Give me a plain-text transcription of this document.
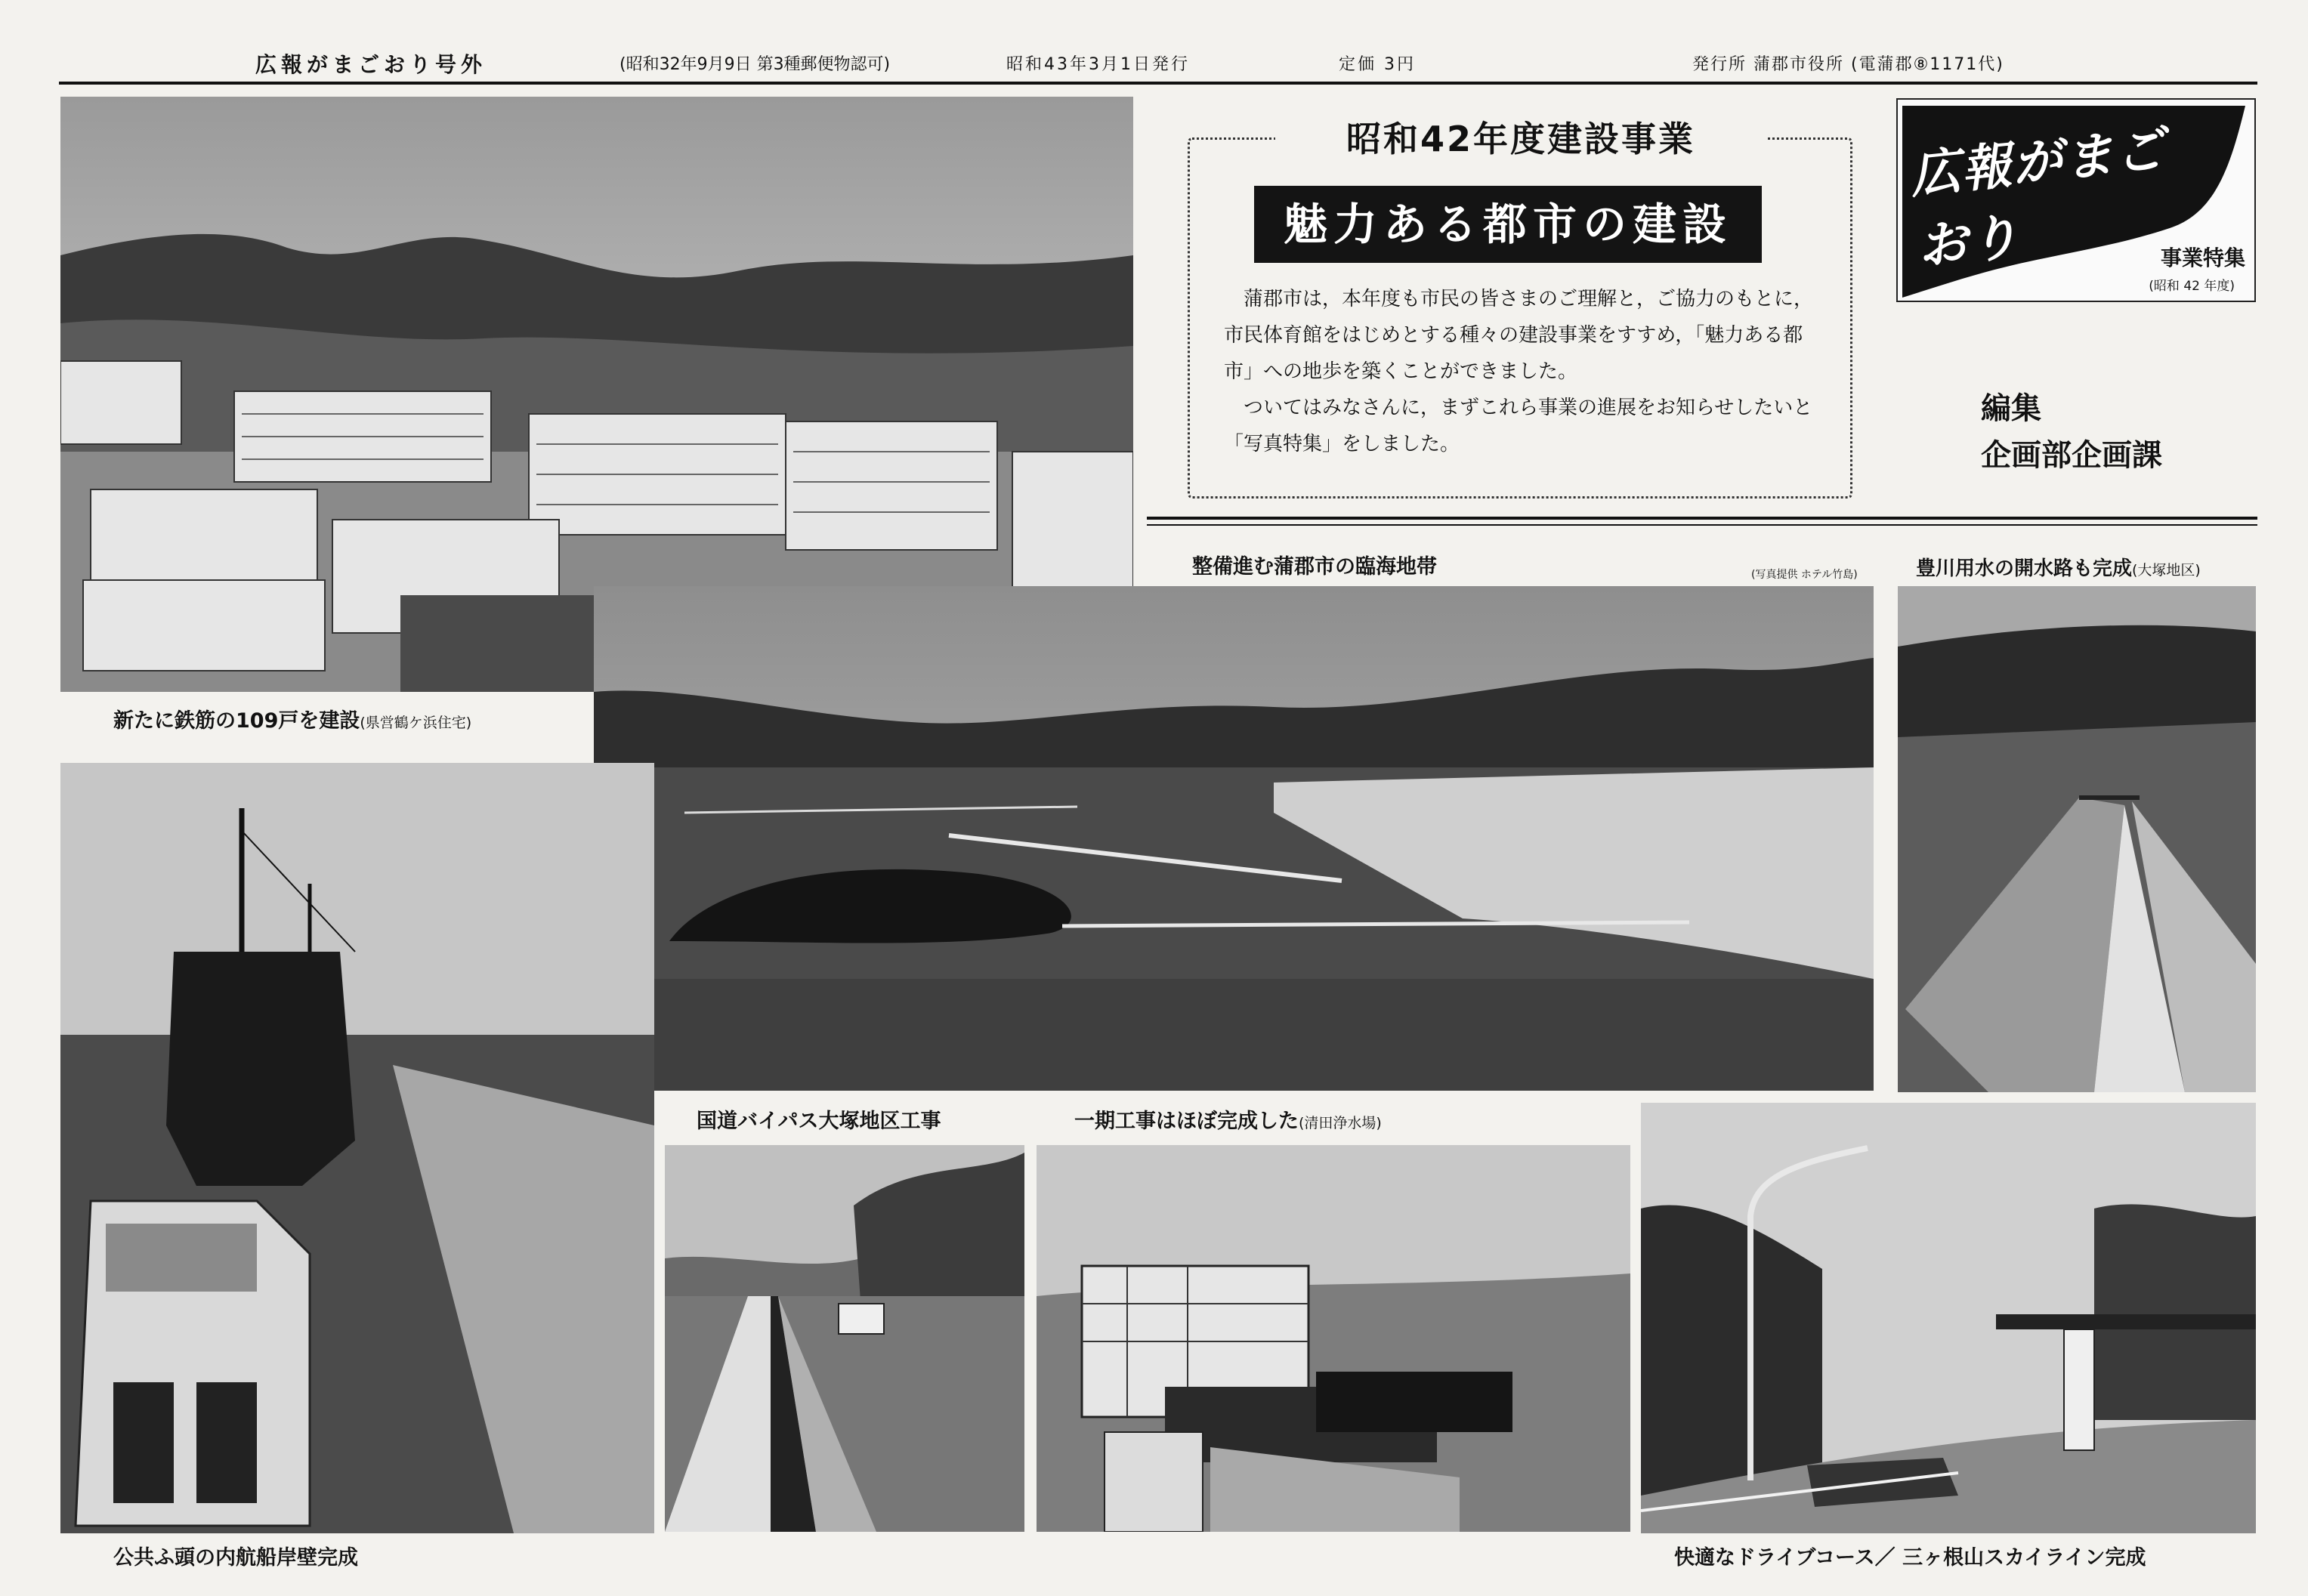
広報がまごおり号外	(昭和32年9月9日 第3種郵便物認可)	昭和43年3月1日発行	定価 3円	発行所 蒲郡市役所 (電蒲郡⑧1171代)
新たに鉄筋の109戸を建設(県営鶴ケ浜住宅)
昭和42年度建設事業
魅力ある都市の建設

蒲郡市は，本年度も市民の皆さまのご理解と，ご協力のもとに，市民体育館をはじめとする種々の建設事業をすすめ，「魅力ある都市」への地歩を築くことができました。

ついてはみなさんに，まずこれら事業の進展をお知らせしたいと「写真特集」をしました。

広報がまごおり	事業特集
(昭和 42 年度)
編集
企画部企画課
整備進む蒲郡市の臨海地帯	(写真提供 ホテル竹島)	豊川用水の開水路も完成(大塚地区)
公共ふ頭の内航船岸壁完成
国道バイパス大塚地区工事	一期工事はほぼ完成した(清田浄水場)
快適なドライブコース／ 三ヶ根山スカイライン完成
